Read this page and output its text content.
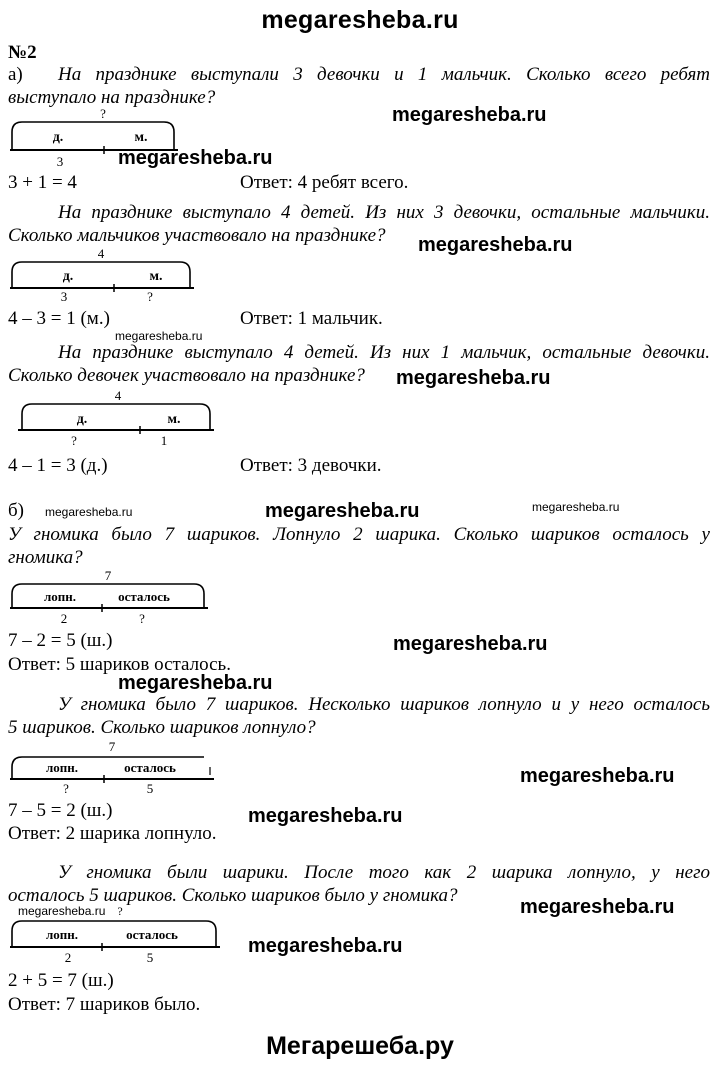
megaresheba.ru
Мегарешеба.ру
№2
а) На празднике выступали 3 девочки и 1 мальчик. Сколько всего ребят
выступало на празднике?
?
д.	м.
3
3 + 1 = 4	Ответ: 4 ребят всего.
На празднике выступало 4 детей. Из них 3 девочки, остальные мальчики.
Сколько мальчиков участвовало на празднике?
4
д.	м.
3	?
4 – 3 = 1 (м.)	Ответ: 1 мальчик.
На празднике выступало 4 детей. Из них 1 мальчик, остальные девочки.
Сколько девочек участвовало на празднике?
4
д.	м.
?	1
4 – 1 = 3 (д.)	Ответ: 3 девочки.
б)
У гномика было 7 шариков. Лопнуло 2 шарика. Сколько шариков осталось у
гномика?
7
лопн.	осталось
2	?
7 – 2 = 5 (ш.)
Ответ: 5 шариков осталось.
У гномика было 7 шариков. Несколько шариков лопнуло и у него осталось
5 шариков. Сколько шариков лопнуло?
7
лопн.	осталось
?	5
7 – 5 = 2 (ш.)
Ответ: 2 шарика лопнуло.
У гномика были шарики. После того как 2 шарика лопнуло, у него
осталось 5 шариков. Сколько шариков было у гномика?
?
лопн.	осталось
2	5
2 + 5 = 7 (ш.)
Ответ: 7 шариков было.
megaresheba.ru
megaresheba.ru
megaresheba.ru
megaresheba.ru
megaresheba.ru
megaresheba.ru	megaresheba.ru	megaresheba.ru
megaresheba.ru
megaresheba.ru
megaresheba.ru
megaresheba.ru
megaresheba.ru	megaresheba.ru
megaresheba.ru
